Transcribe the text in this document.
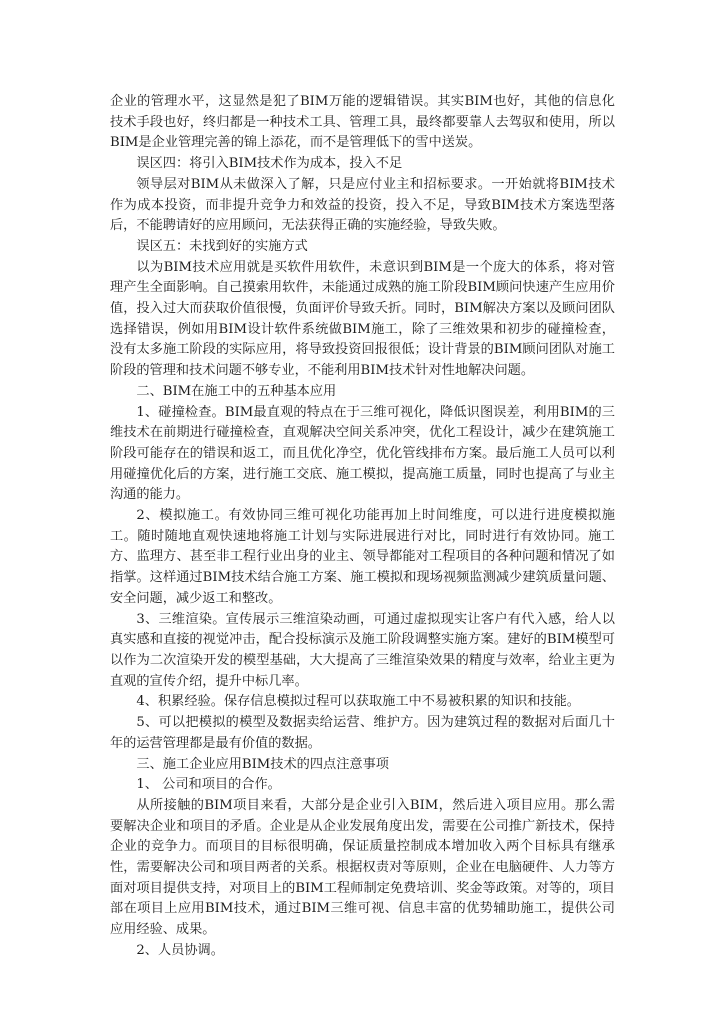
企业的管理水平，这显然是犯了BIM万能的逻辑错误。其实BIM也好，其他的信息化技术手段也好，终归都是一种技术工具、管理工具，最终都要靠人去驾驭和使用，所以BIM是企业管理完善的锦上添花，而不是管理低下的雪中送炭。

误区四：将引入BIM技术作为成本，投入不足

领导层对BIM从未做深入了解，只是应付业主和招标要求。一开始就将BIM技术作为成本投资，而非提升竞争力和效益的投资，投入不足，导致BIM技术方案选型落后，不能聘请好的应用顾问，无法获得正确的实施经验，导致失败。

误区五：未找到好的实施方式

以为BIM技术应用就是买软件用软件，未意识到BIM是一个庞大的体系，将对管理产生全面影响。自己摸索用软件，未能通过成熟的施工阶段BIM顾问快速产生应用价值，投入过大而获取价值很慢，负面评价导致夭折。同时，BIM解决方案以及顾问团队选择错误，例如用BIM设计软件系统做BIM施工，除了三维效果和初步的碰撞检查，没有太多施工阶段的实际应用，将导致投资回报很低；设计背景的BIM顾问团队对施工阶段的管理和技术问题不够专业，不能利用BIM技术针对性地解决问题。

二、BIM在施工中的五种基本应用

1、碰撞检查。BIM最直观的特点在于三维可视化，降低识图误差，利用BIM的三维技术在前期进行碰撞检查，直观解决空间关系冲突，优化工程设计，减少在建筑施工阶段可能存在的错误和返工，而且优化净空，优化管线排布方案。最后施工人员可以利用碰撞优化后的方案，进行施工交底、施工模拟，提高施工质量，同时也提高了与业主沟通的能力。

2、模拟施工。有效协同三维可视化功能再加上时间维度，可以进行进度模拟施工。随时随地直观快速地将施工计划与实际进展进行对比，同时进行有效协同。施工方、监理方、甚至非工程行业出身的业主、领导都能对工程项目的各种问题和情况了如指掌。这样通过BIM技术结合施工方案、施工模拟和现场视频监测减少建筑质量问题、安全问题，减少返工和整改。

3、三维渲染。宣传展示三维渲染动画，可通过虚拟现实让客户有代入感，给人以真实感和直接的视觉冲击，配合投标演示及施工阶段调整实施方案。建好的BIM模型可以作为二次渲染开发的模型基础，大大提高了三维渲染效果的精度与效率，给业主更为直观的宣传介绍，提升中标几率。

4、积累经验。保存信息模拟过程可以获取施工中不易被积累的知识和技能。

5、可以把模拟的模型及数据卖给运营、维护方。因为建筑过程的数据对后面几十年的运营管理都是最有价值的数据。

三、施工企业应用BIM技术的四点注意事项

1、 公司和项目的合作。

从所接触的BIM项目来看，大部分是企业引入BIM，然后进入项目应用。那么需要解决企业和项目的矛盾。企业是从企业发展角度出发，需要在公司推广新技术，保持企业的竞争力。而项目的目标很明确，保证质量控制成本增加收入两个目标具有继承性，需要解决公司和项目两者的关系。根据权责对等原则，企业在电脑硬件、人力等方面对项目提供支持，对项目上的BIM工程师制定免费培训、奖金等政策。对等的，项目部在项目上应用BIM技术，通过BIM三维可视、信息丰富的优势辅助施工，提供公司应用经验、成果。

2、人员协调。
